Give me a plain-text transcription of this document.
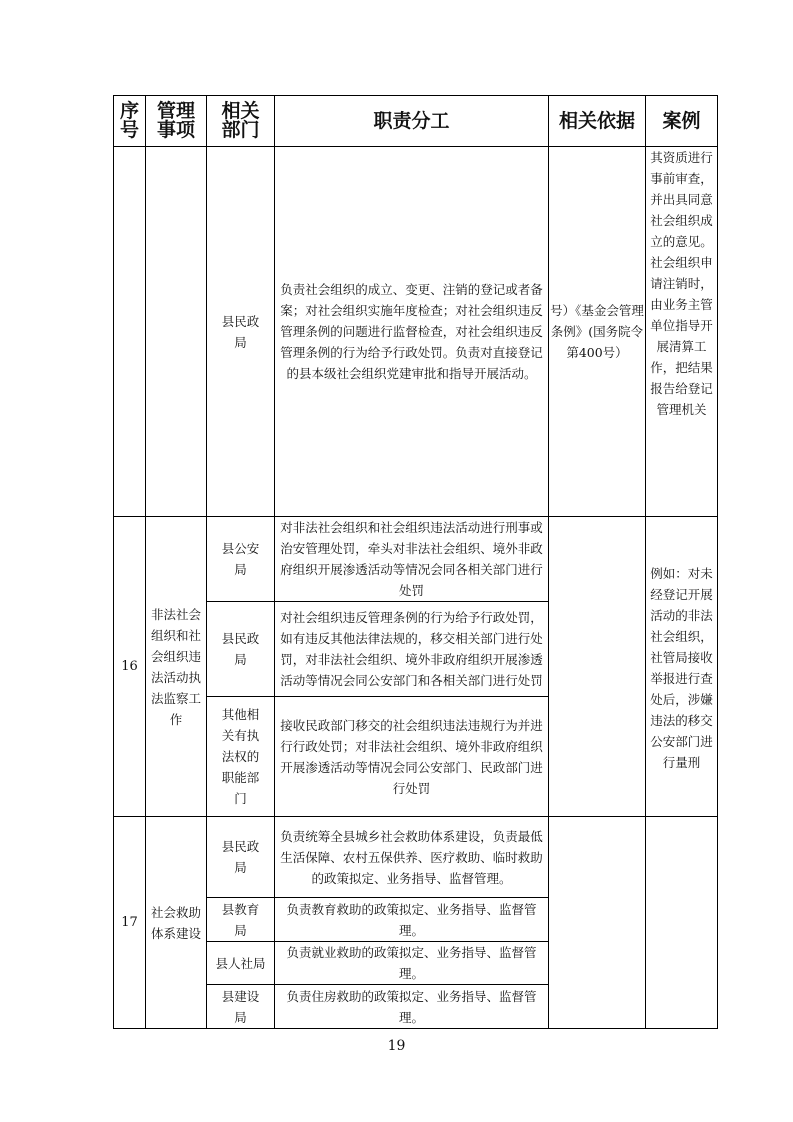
序号	管理事项	相关部门	职责分工	相关依据	案例
		县民政局	负责社会组织的成立、变更、注销的登记或者备案；对社会组织实施年度检查；对社会组织违反管理条例的问题进行监督检查，对社会组织违反管理条例的行为给予行政处罚。负责对直接登记的县本级社会组织党建审批和指导开展活动。	号）《基金会管理条例》(国务院令第400号）	其资质进行事前审查，并出具同意社会组织成立的意见。社会组织申请注销时，由业务主管单位指导开展清算工作，把结果报告给登记管理机关
16	非法社会组织和社会组织违法活动执法监察工作	县公安局	对非法社会组织和社会组织违法活动进行刑事或治安管理处罚，牵头对非法社会组织、境外非政府组织开展渗透活动等情况会同各相关部门进行处罚		例如：对未经登记开展活动的非法社会组织，社管局接收举报进行查处后，涉嫌违法的移交公安部门进行量刑
		县民政局	对社会组织违反管理条例的行为给予行政处罚，如有违反其他法律法规的，移交相关部门进行处罚，对非法社会组织、境外非政府组织开展渗透活动等情况会同公安部门和各相关部门进行处罚		
		其他相关有执法权的职能部门	接收民政部门移交的社会组织违法违规行为并进行行政处罚；对非法社会组织、境外非政府组织开展渗透活动等情况会同公安部门、民政部门进行处罚		
17	社会救助体系建设	县民政局	负责统筹全县城乡社会救助体系建设，负责最低生活保障、农村五保供养、医疗救助、临时救助的政策拟定、业务指导、监督管理。		
		县教育局	负责教育救助的政策拟定、业务指导、监督管理。		
		县人社局	负责就业救助的政策拟定、业务指导、监督管理。		
		县建设局	负责住房救助的政策拟定、业务指导、监督管理。		
19
